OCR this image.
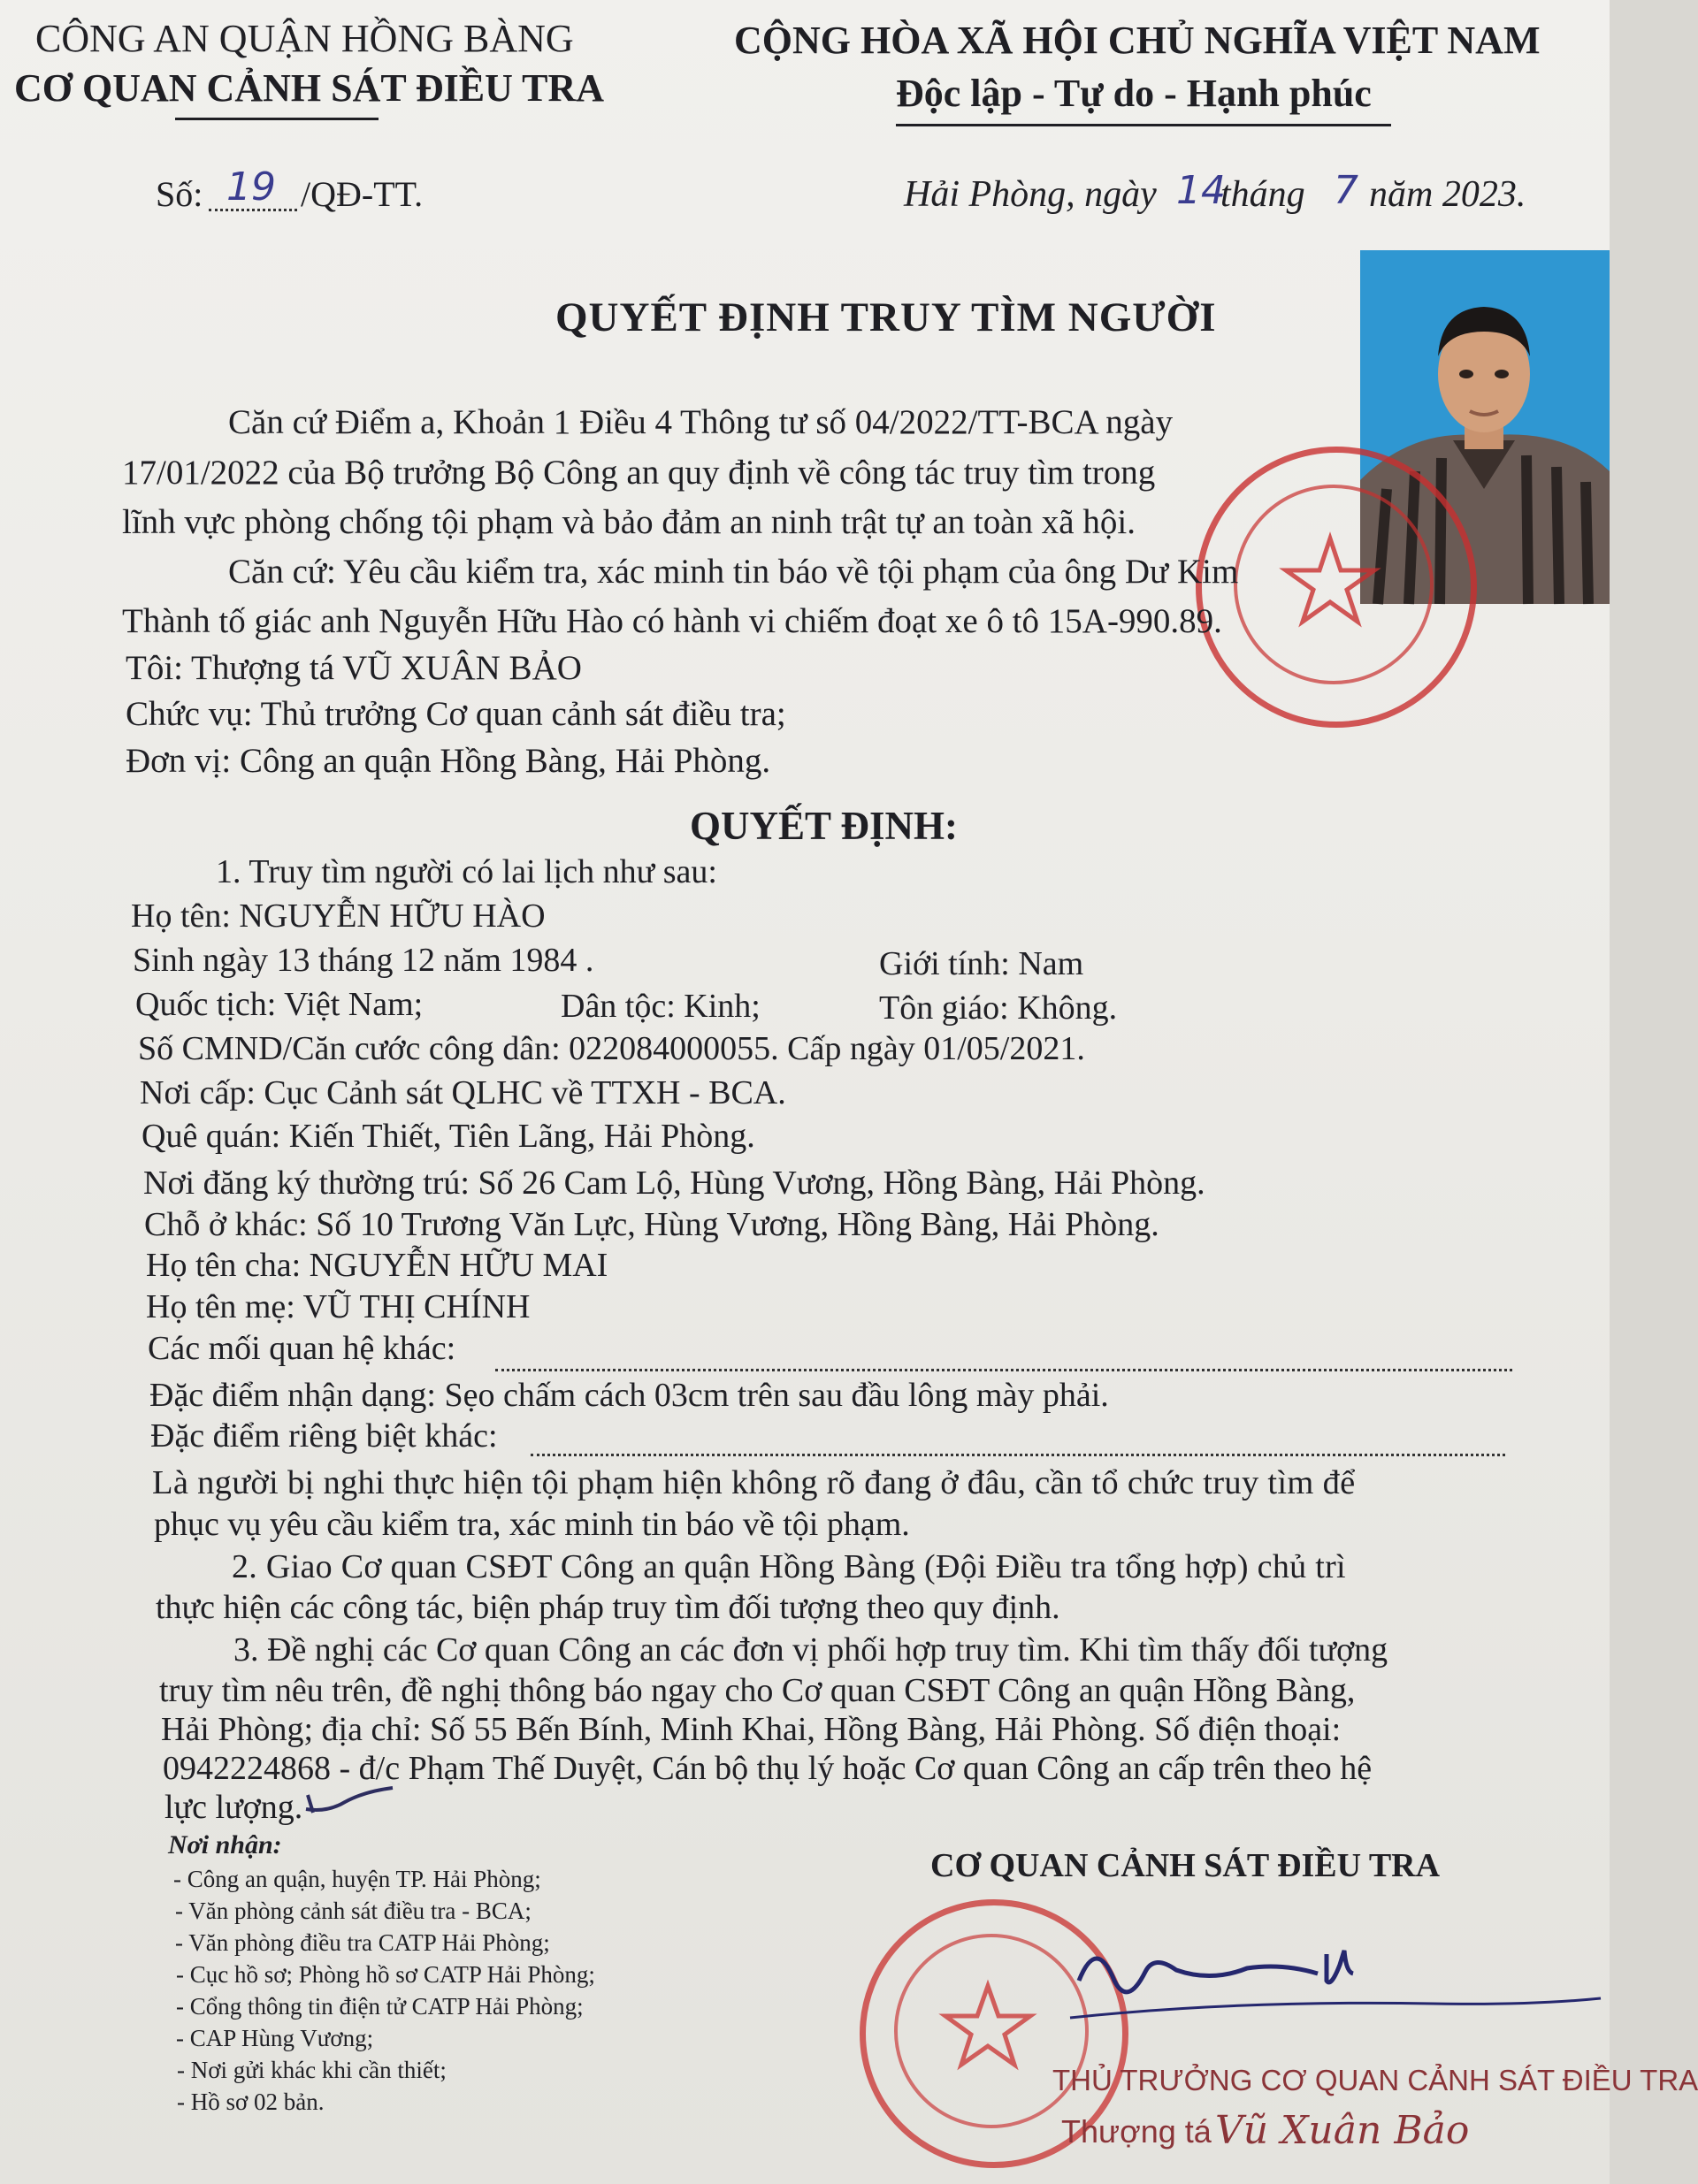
CÔNG AN QUẬN HỒNG BÀNG
CƠ QUAN CẢNH SÁT ĐIỀU TRA
CỘNG HÒA XÃ HỘI CHỦ NGHĨA VIỆT NAM
Độc lập - Tự do - Hạnh phúc
Số: 19 /QĐ-TT.	Hải Phòng, ngày 14
tháng 7 năm 2023.
QUYẾT ĐỊNH TRUY TÌM NGƯỜI
Căn cứ Điểm a, Khoản 1 Điều 4 Thông tư số 04/2022/TT-BCA ngày
17/01/2022 của Bộ trưởng Bộ Công an quy định về công tác truy tìm trong
lĩnh vực phòng chống tội phạm và bảo đảm an ninh trật tự an toàn xã hội.
Căn cứ: Yêu cầu kiểm tra, xác minh tin báo về tội phạm của ông Dư Kim
Thành tố giác anh Nguyễn Hữu Hào có hành vi chiếm đoạt xe ô tô 15A-990.89.
Tôi: Thượng tá VŨ XUÂN BẢO
Chức vụ: Thủ trưởng Cơ quan cảnh sát điều tra;
Đơn vị: Công an quận Hồng Bàng, Hải Phòng.
QUYẾT ĐỊNH:
1. Truy tìm người có lai lịch như sau:
Họ tên: NGUYỄN HỮU HÀO
Sinh ngày 13 tháng 12 năm 1984 .	Giới tính: Nam
Quốc tịch: Việt Nam;	Dân tộc: Kinh;	Tôn giáo: Không.
Số CMND/Căn cước công dân: 022084000055. Cấp ngày 01/05/2021.
Nơi cấp: Cục Cảnh sát QLHC về TTXH - BCA.
Quê quán: Kiến Thiết, Tiên Lãng, Hải Phòng.
Nơi đăng ký thường trú: Số 26 Cam Lộ, Hùng Vương, Hồng Bàng, Hải Phòng.
Chỗ ở khác: Số 10 Trương Văn Lực, Hùng Vương, Hồng Bàng, Hải Phòng.
Họ tên cha: NGUYỄN HỮU MAI
Họ tên mẹ: VŨ THỊ CHÍNH
Các mối quan hệ khác:
Đặc điểm nhận dạng: Sẹo chấm cách 03cm trên sau đầu lông mày phải.
Đặc điểm riêng biệt khác:
Là người bị nghi thực hiện tội phạm hiện không rõ đang ở đâu, cần tổ chức truy tìm để
phục vụ yêu cầu kiểm tra, xác minh tin báo về tội phạm.
2. Giao Cơ quan CSĐT Công an quận Hồng Bàng (Đội Điều tra tổng hợp) chủ trì
thực hiện các công tác, biện pháp truy tìm đối tượng theo quy định.
3. Đề nghị các Cơ quan Công an các đơn vị phối hợp truy tìm. Khi tìm thấy đối tượng
truy tìm nêu trên, đề nghị thông báo ngay cho Cơ quan CSĐT Công an quận Hồng Bàng,
Hải Phòng; địa chỉ: Số 55 Bến Bính, Minh Khai, Hồng Bàng, Hải Phòng. Số điện thoại:
0942224868 - đ/c Phạm Thế Duyệt, Cán bộ thụ lý hoặc Cơ quan Công an cấp trên theo hệ
lực lượng.
Nơi nhận:
- Công an quận, huyện TP. Hải Phòng;
- Văn phòng cảnh sát điều tra - BCA;
- Văn phòng điều tra CATP Hải Phòng;
- Cục hồ sơ; Phòng hồ sơ CATP Hải Phòng;
- Cổng thông tin điện tử CATP Hải Phòng;
- CAP Hùng Vương;
- Nơi gửi khác khi cần thiết;
- Hồ sơ 02 bản.
CƠ QUAN CẢNH SÁT ĐIỀU TRA
THỦ TRƯỞNG CƠ QUAN CẢNH SÁT ĐIỀU TRA
Thượng tá Vũ Xuân Bảo
